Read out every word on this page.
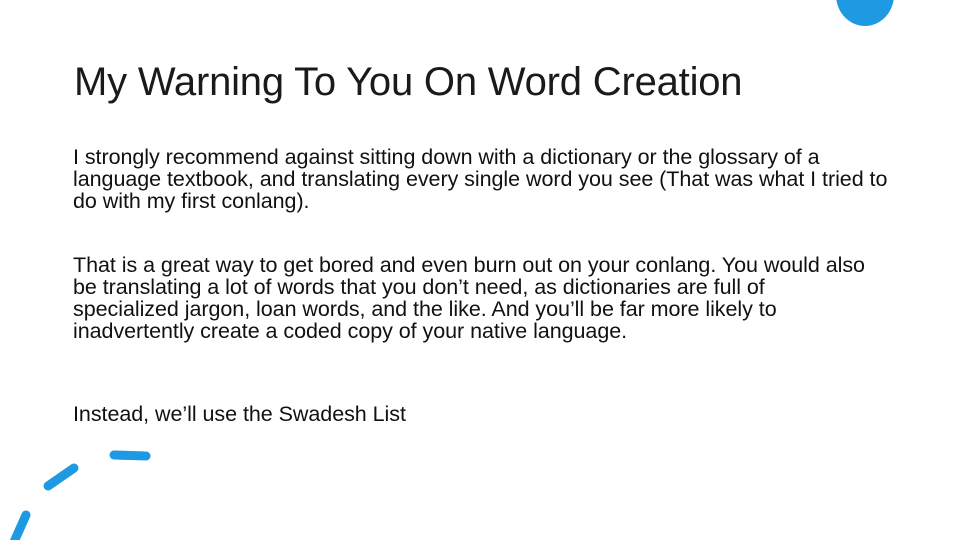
My Warning To You On Word Creation

I strongly recommend against sitting down with a dictionary or the glossary of a language textbook, and translating every single word you see (That was what I tried to do with my first conlang).

That is a great way to get bored and even burn out on your conlang. You would also be translating a lot of words that you don’t need, as dictionaries are full of specialized jargon, loan words, and the like. And you’ll be far more likely to inadvertently create a coded copy of your native language.

Instead, we’ll use the Swadesh List
